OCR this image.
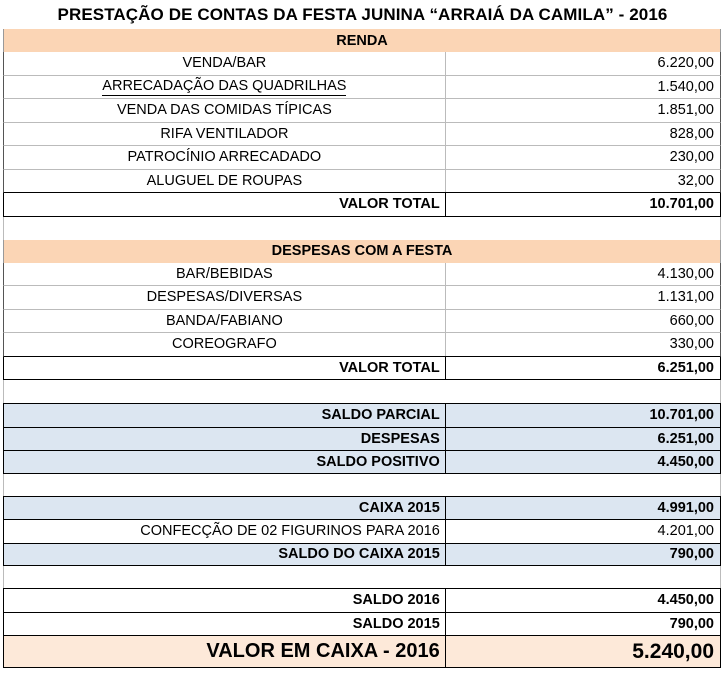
PRESTAÇÃO DE CONTAS DA FESTA JUNINA “ARRAIÁ DA CAMILA” - 2016
RENDA
VENDA/BAR	6.220,00
ARRECADAÇÃO DAS QUADRILHAS	1.540,00
VENDA DAS COMIDAS TÍPICAS	1.851,00
RIFA VENTILADOR	828,00
PATROCÍNIO ARRECADADO	230,00
ALUGUEL DE ROUPAS	32,00
VALOR TOTAL	10.701,00
DESPESAS COM A FESTA
BAR/BEBIDAS	4.130,00
DESPESAS/DIVERSAS	1.131,00
BANDA/FABIANO	660,00
COREOGRAFO	330,00
VALOR TOTAL	6.251,00
SALDO PARCIAL	10.701,00
DESPESAS	6.251,00
SALDO POSITIVO	4.450,00
CAIXA 2015	4.991,00
CONFECÇÃO DE 02 FIGURINOS PARA 2016	4.201,00
SALDO DO CAIXA 2015	790,00
SALDO 2016	4.450,00
SALDO 2015	790,00
VALOR EM CAIXA - 2016	5.240,00
